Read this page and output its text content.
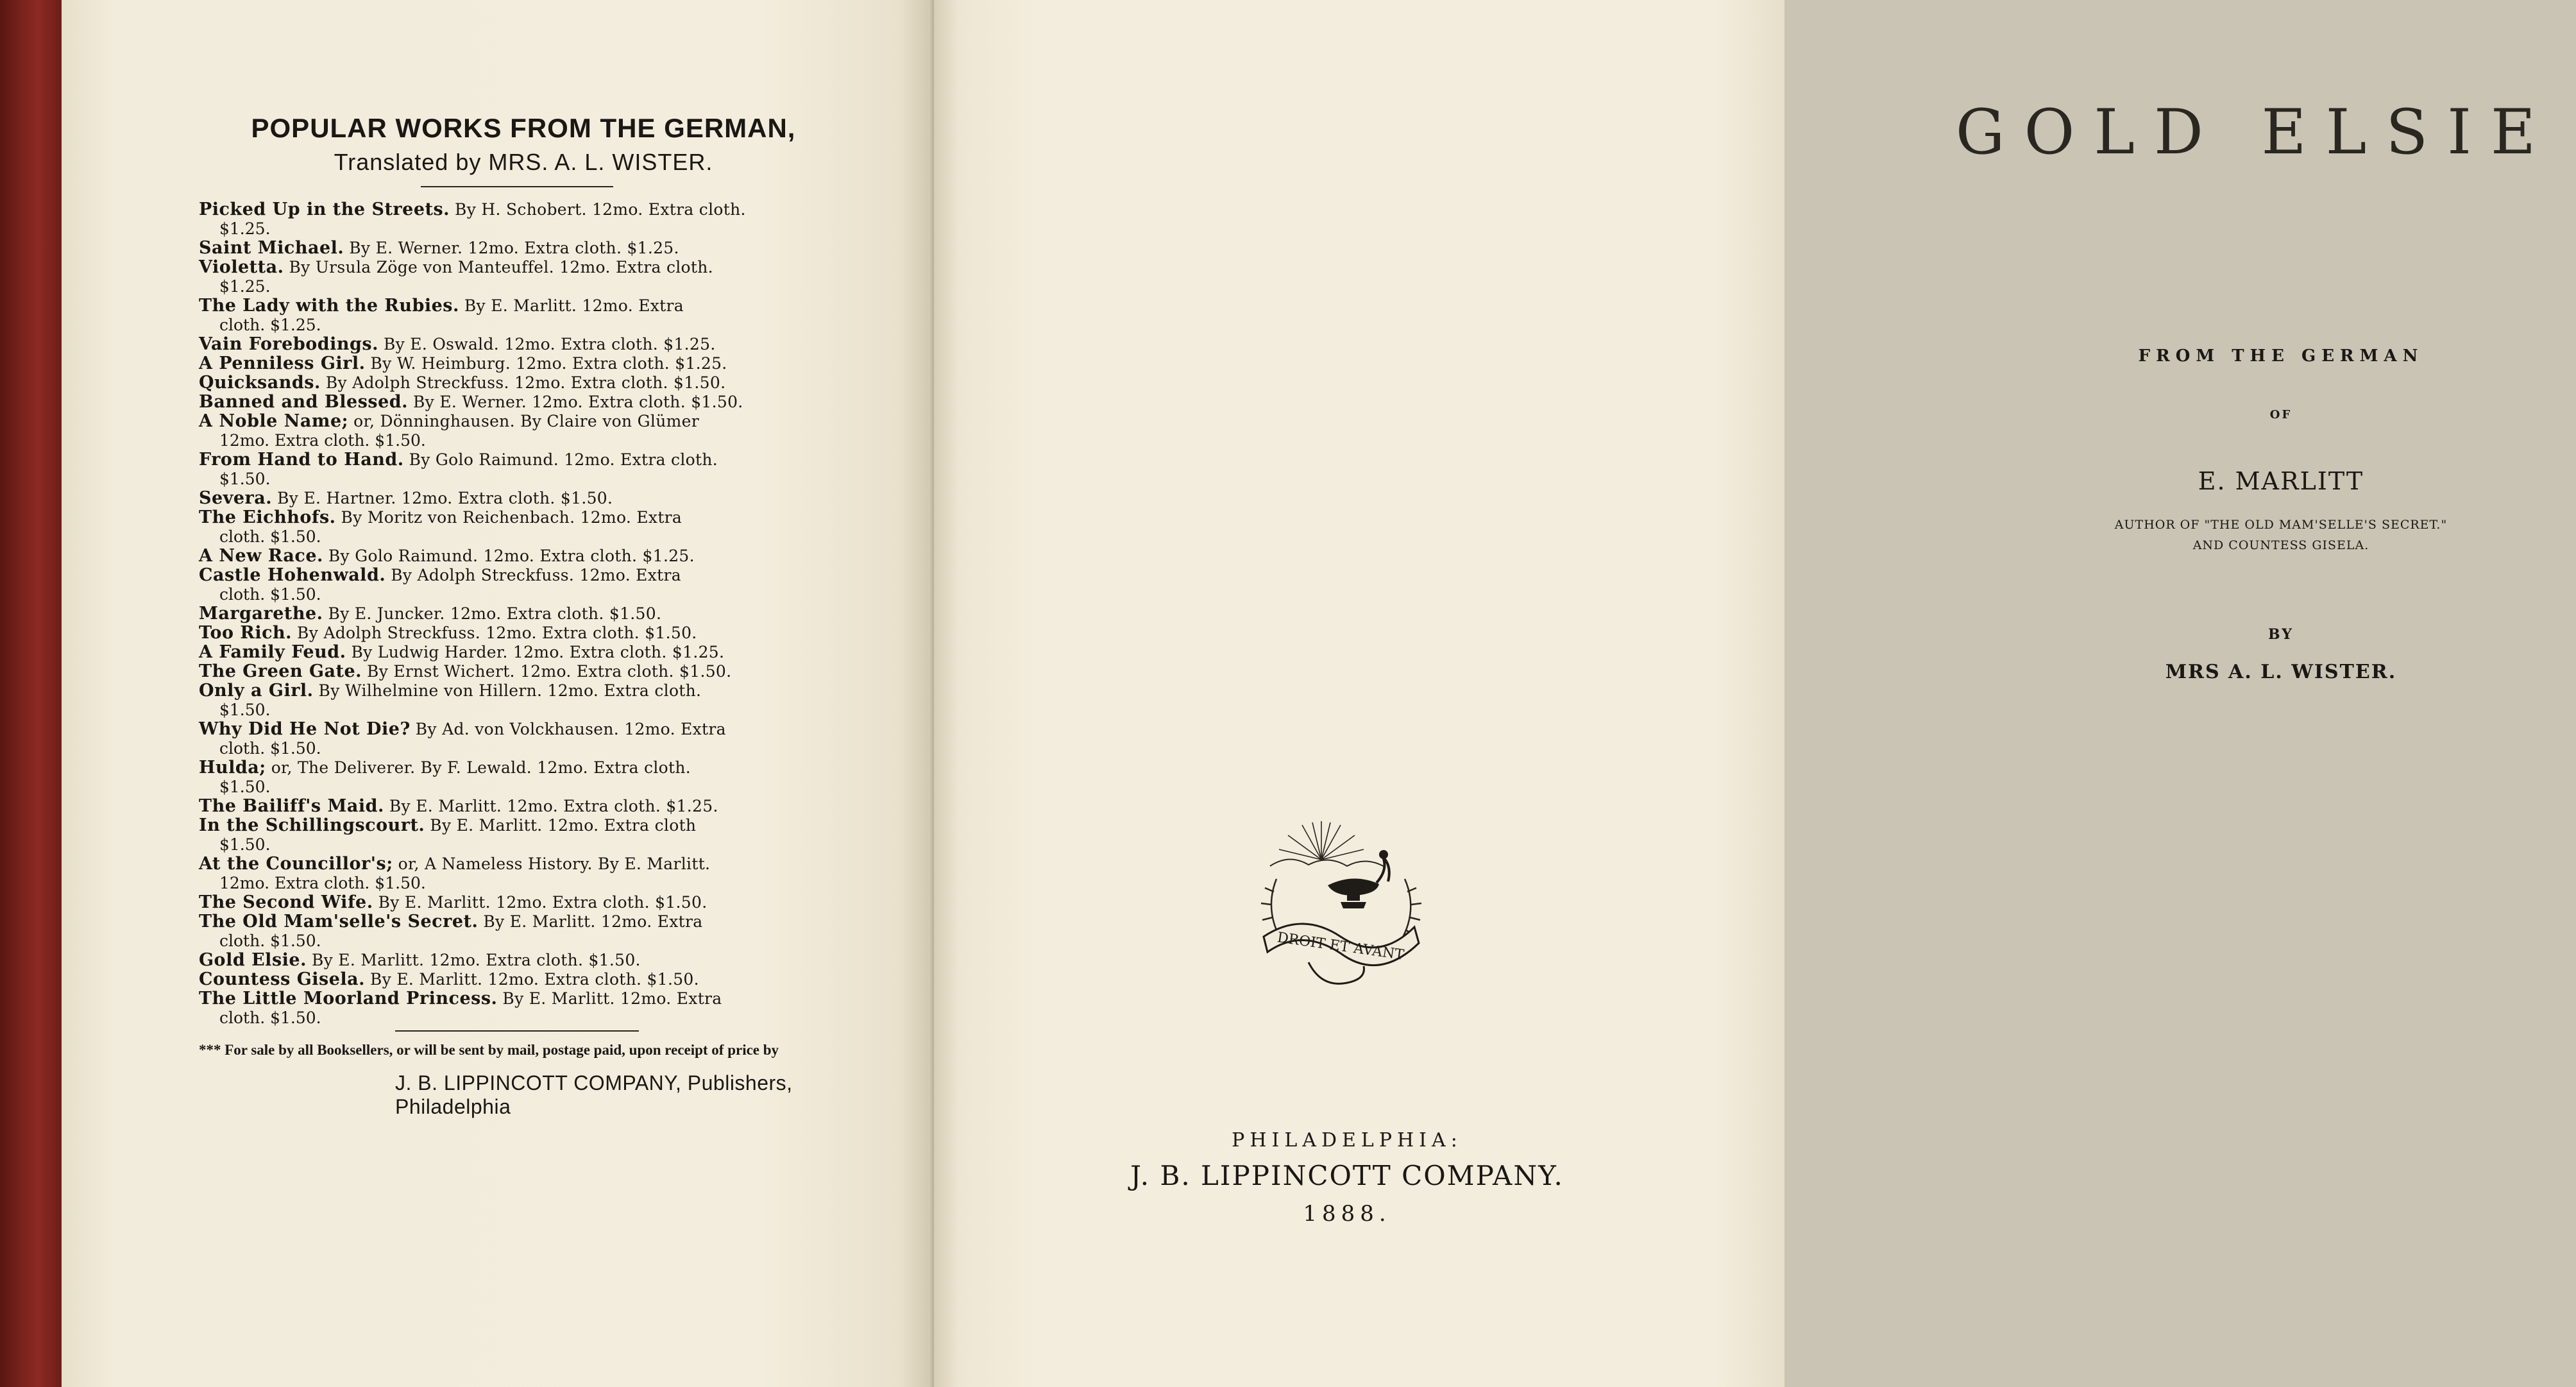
POPULAR WORKS FROM THE GERMAN,
Translated by MRS. A. L. WISTER.
Picked Up in the Streets. By H. Schobert. 12mo. Extra cloth.
$1.25.
Saint Michael. By E. Werner. 12mo. Extra cloth. $1.25.
Violetta. By Ursula Zöge von Manteuffel. 12mo. Extra cloth.
$1.25.
The Lady with the Rubies. By E. Marlitt. 12mo. Extra
cloth. $1.25.
Vain Forebodings. By E. Oswald. 12mo. Extra cloth. $1.25.
A Penniless Girl. By W. Heimburg. 12mo. Extra cloth. $1.25.
Quicksands. By Adolph Streckfuss. 12mo. Extra cloth. $1.50.
Banned and Blessed. By E. Werner. 12mo. Extra cloth. $1.50.
A Noble Name; or, Dönninghausen. By Claire von Glümer
12mo. Extra cloth. $1.50.
From Hand to Hand. By Golo Raimund. 12mo. Extra cloth.
$1.50.
Severa. By E. Hartner. 12mo. Extra cloth. $1.50.
The Eichhofs. By Moritz von Reichenbach. 12mo. Extra
cloth. $1.50.
A New Race. By Golo Raimund. 12mo. Extra cloth. $1.25.
Castle Hohenwald. By Adolph Streckfuss. 12mo. Extra
cloth. $1.50.
Margarethe. By E. Juncker. 12mo. Extra cloth. $1.50.
Too Rich. By Adolph Streckfuss. 12mo. Extra cloth. $1.50.
A Family Feud. By Ludwig Harder. 12mo. Extra cloth. $1.25.
The Green Gate. By Ernst Wichert. 12mo. Extra cloth. $1.50.
Only a Girl. By Wilhelmine von Hillern. 12mo. Extra cloth.
$1.50.
Why Did He Not Die? By Ad. von Volckhausen. 12mo. Extra
cloth. $1.50.
Hulda; or, The Deliverer. By F. Lewald. 12mo. Extra cloth.
$1.50.
The Bailiff's Maid. By E. Marlitt. 12mo. Extra cloth. $1.25.
In the Schillingscourt. By E. Marlitt. 12mo. Extra cloth
$1.50.
At the Councillor's; or, A Nameless History. By E. Marlitt.
12mo. Extra cloth. $1.50.
The Second Wife. By E. Marlitt. 12mo. Extra cloth. $1.50.
The Old Mam'selle's Secret. By E. Marlitt. 12mo. Extra
cloth. $1.50.
Gold Elsie. By E. Marlitt. 12mo. Extra cloth. $1.50.
Countess Gisela. By E. Marlitt. 12mo. Extra cloth. $1.50.
The Little Moorland Princess. By E. Marlitt. 12mo. Extra
cloth. $1.50.
*** For sale by all Booksellers, or will be sent by mail, postage paid, upon receipt of price by
J. B. LIPPINCOTT COMPANY, Publishers, Philadelphia
GOLD ELSIE
FROM THE GERMAN
OF
E. MARLITT
AUTHOR OF "THE OLD MAM'SELLE'S SECRET."
AND COUNTESS GISELA.
BY
MRS A. L. WISTER.
DROIT ET AVANT
PHILADELPHIA:
J. B. LIPPINCOTT COMPANY.
1888.
